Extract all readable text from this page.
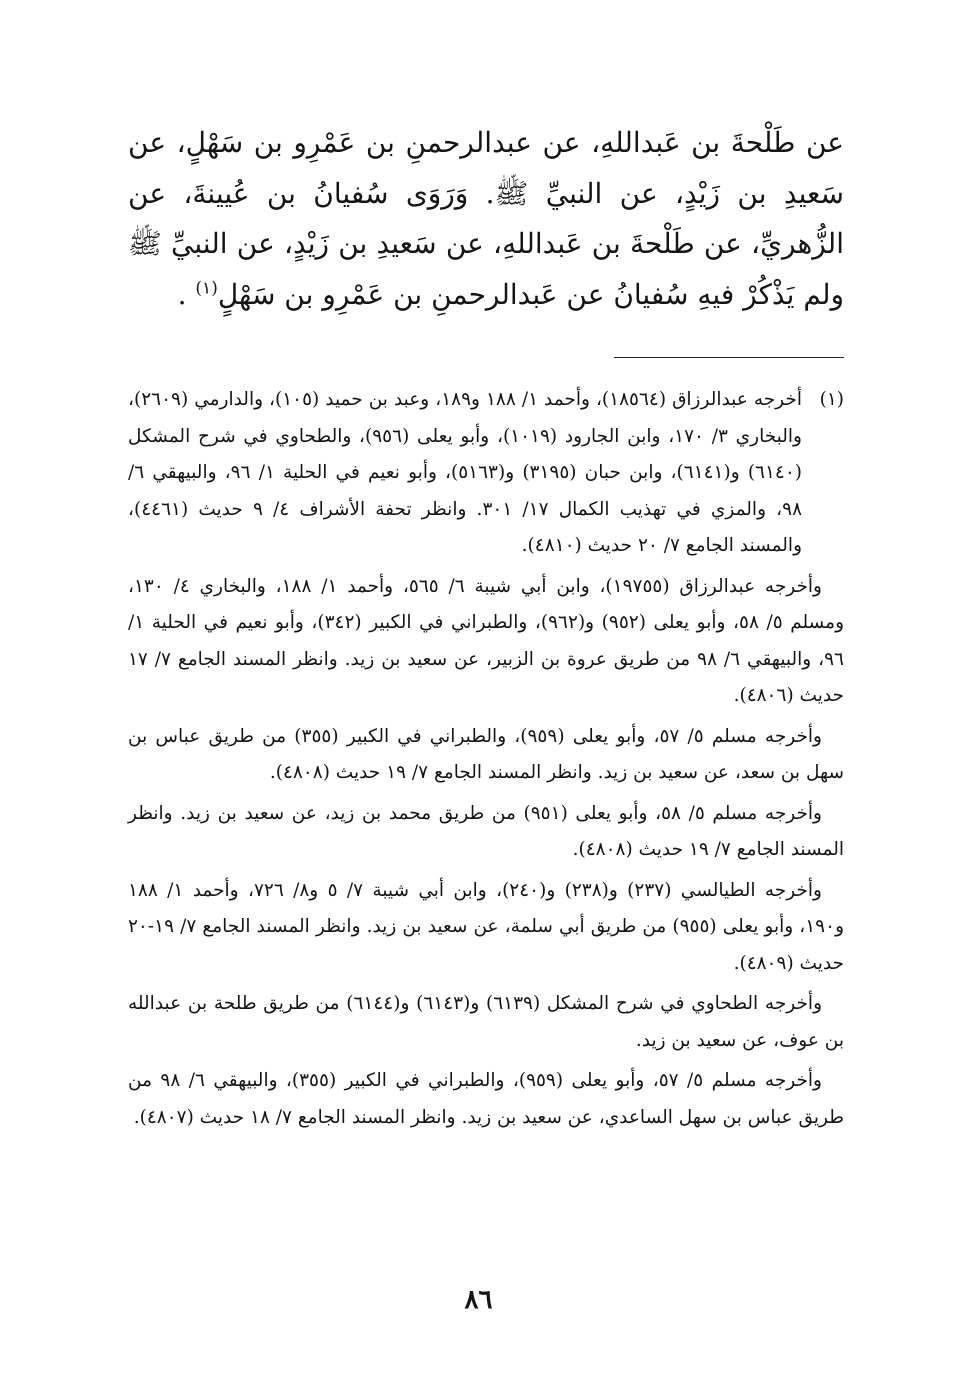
عن طَلْحةَ بن عَبداللهِ، عن عبدالرحمنِ بن عَمْرِو بن سَهْلٍ، عن سَعيدِ بن زَيْدٍ، عن النبيِّ ﷺ. وَرَوَى سُفيانُ بن عُيينةَ، عن الزُّهريِّ، عن طَلْحةَ بن عَبداللهِ، عن سَعيدِ بن زَيْدٍ، عن النبيِّ ﷺ ولم يَذْكُرْ فيهِ سُفيانُ عن عَبدالرحمنِ بن عَمْرِو بن سَهْلٍ$^{(١)}$ .

(١)
أخرجه عبدالرزاق (١٨٥٦٤)، وأحمد ١/ ١٨٨ و١٨٩، وعبد بن حميد (١٠٥)، والدارمي (٢٦٠٩)، والبخاري ٣/ ١٧٠، وابن الجارود (١٠١٩)، وأبو يعلى (٩٥٦)، والطحاوي في شرح المشكل (٦١٤٠) و(٦١٤١)، وابن حبان (٣١٩٥) و(٥١٦٣)، وأبو نعيم في الحلية ١/ ٩٦، والبيهقي ٦/ ٩٨، والمزي في تهذيب الكمال ١٧/ ٣٠١. وانظر تحفة الأشراف ٤/ ٩ حديث (٤٤٦١)، والمسند الجامع ٧/ ٢٠ حديث (٤٨١٠).

وأخرجه عبدالرزاق (١٩٧٥٥)، وابن أبي شيبة ٦/ ٥٦٥، وأحمد ١/ ١٨٨، والبخاري ٤/ ١٣٠، ومسلم ٥/ ٥٨، وأبو يعلى (٩٥٢) و(٩٦٢)، والطبراني في الكبير (٣٤٢)، وأبو نعيم في الحلية ١/ ٩٦، والبيهقي ٦/ ٩٨ من طريق عروة بن الزبير، عن سعيد بن زيد. وانظر المسند الجامع ٧/ ١٧ حديث (٤٨٠٦).

وأخرجه مسلم ٥/ ٥٧، وأبو يعلى (٩٥٩)، والطبراني في الكبير (٣٥٥) من طريق عباس بن سهل بن سعد، عن سعيد بن زيد. وانظر المسند الجامع ٧/ ١٩ حديث (٤٨٠٨).

وأخرجه مسلم ٥/ ٥٨، وأبو يعلى (٩٥١) من طريق محمد بن زيد، عن سعيد بن زيد. وانظر المسند الجامع ٧/ ١٩ حديث (٤٨٠٨).

وأخرجه الطيالسي (٢٣٧) و(٢٣٨) و(٢٤٠)، وابن أبي شيبة ٧/ ٥ و٨/ ٧٢٦، وأحمد ١/ ١٨٨ و١٩٠، وأبو يعلى (٩٥٥) من طريق أبي سلمة، عن سعيد بن زيد. وانظر المسند الجامع ٧/ ١٩-٢٠ حديث (٤٨٠٩).

وأخرجه الطحاوي في شرح المشكل (٦١٣٩) و(٦١٤٣) و(٦١٤٤) من طريق طلحة بن عبدالله بن عوف، عن سعيد بن زيد.

وأخرجه مسلم ٥/ ٥٧، وأبو يعلى (٩٥٩)، والطبراني في الكبير (٣٥٥)، والبيهقي ٦/ ٩٨ من طريق عباس بن سهل الساعدي، عن سعيد بن زيد. وانظر المسند الجامع ٧/ ١٨ حديث (٤٨٠٧).

٨٦
